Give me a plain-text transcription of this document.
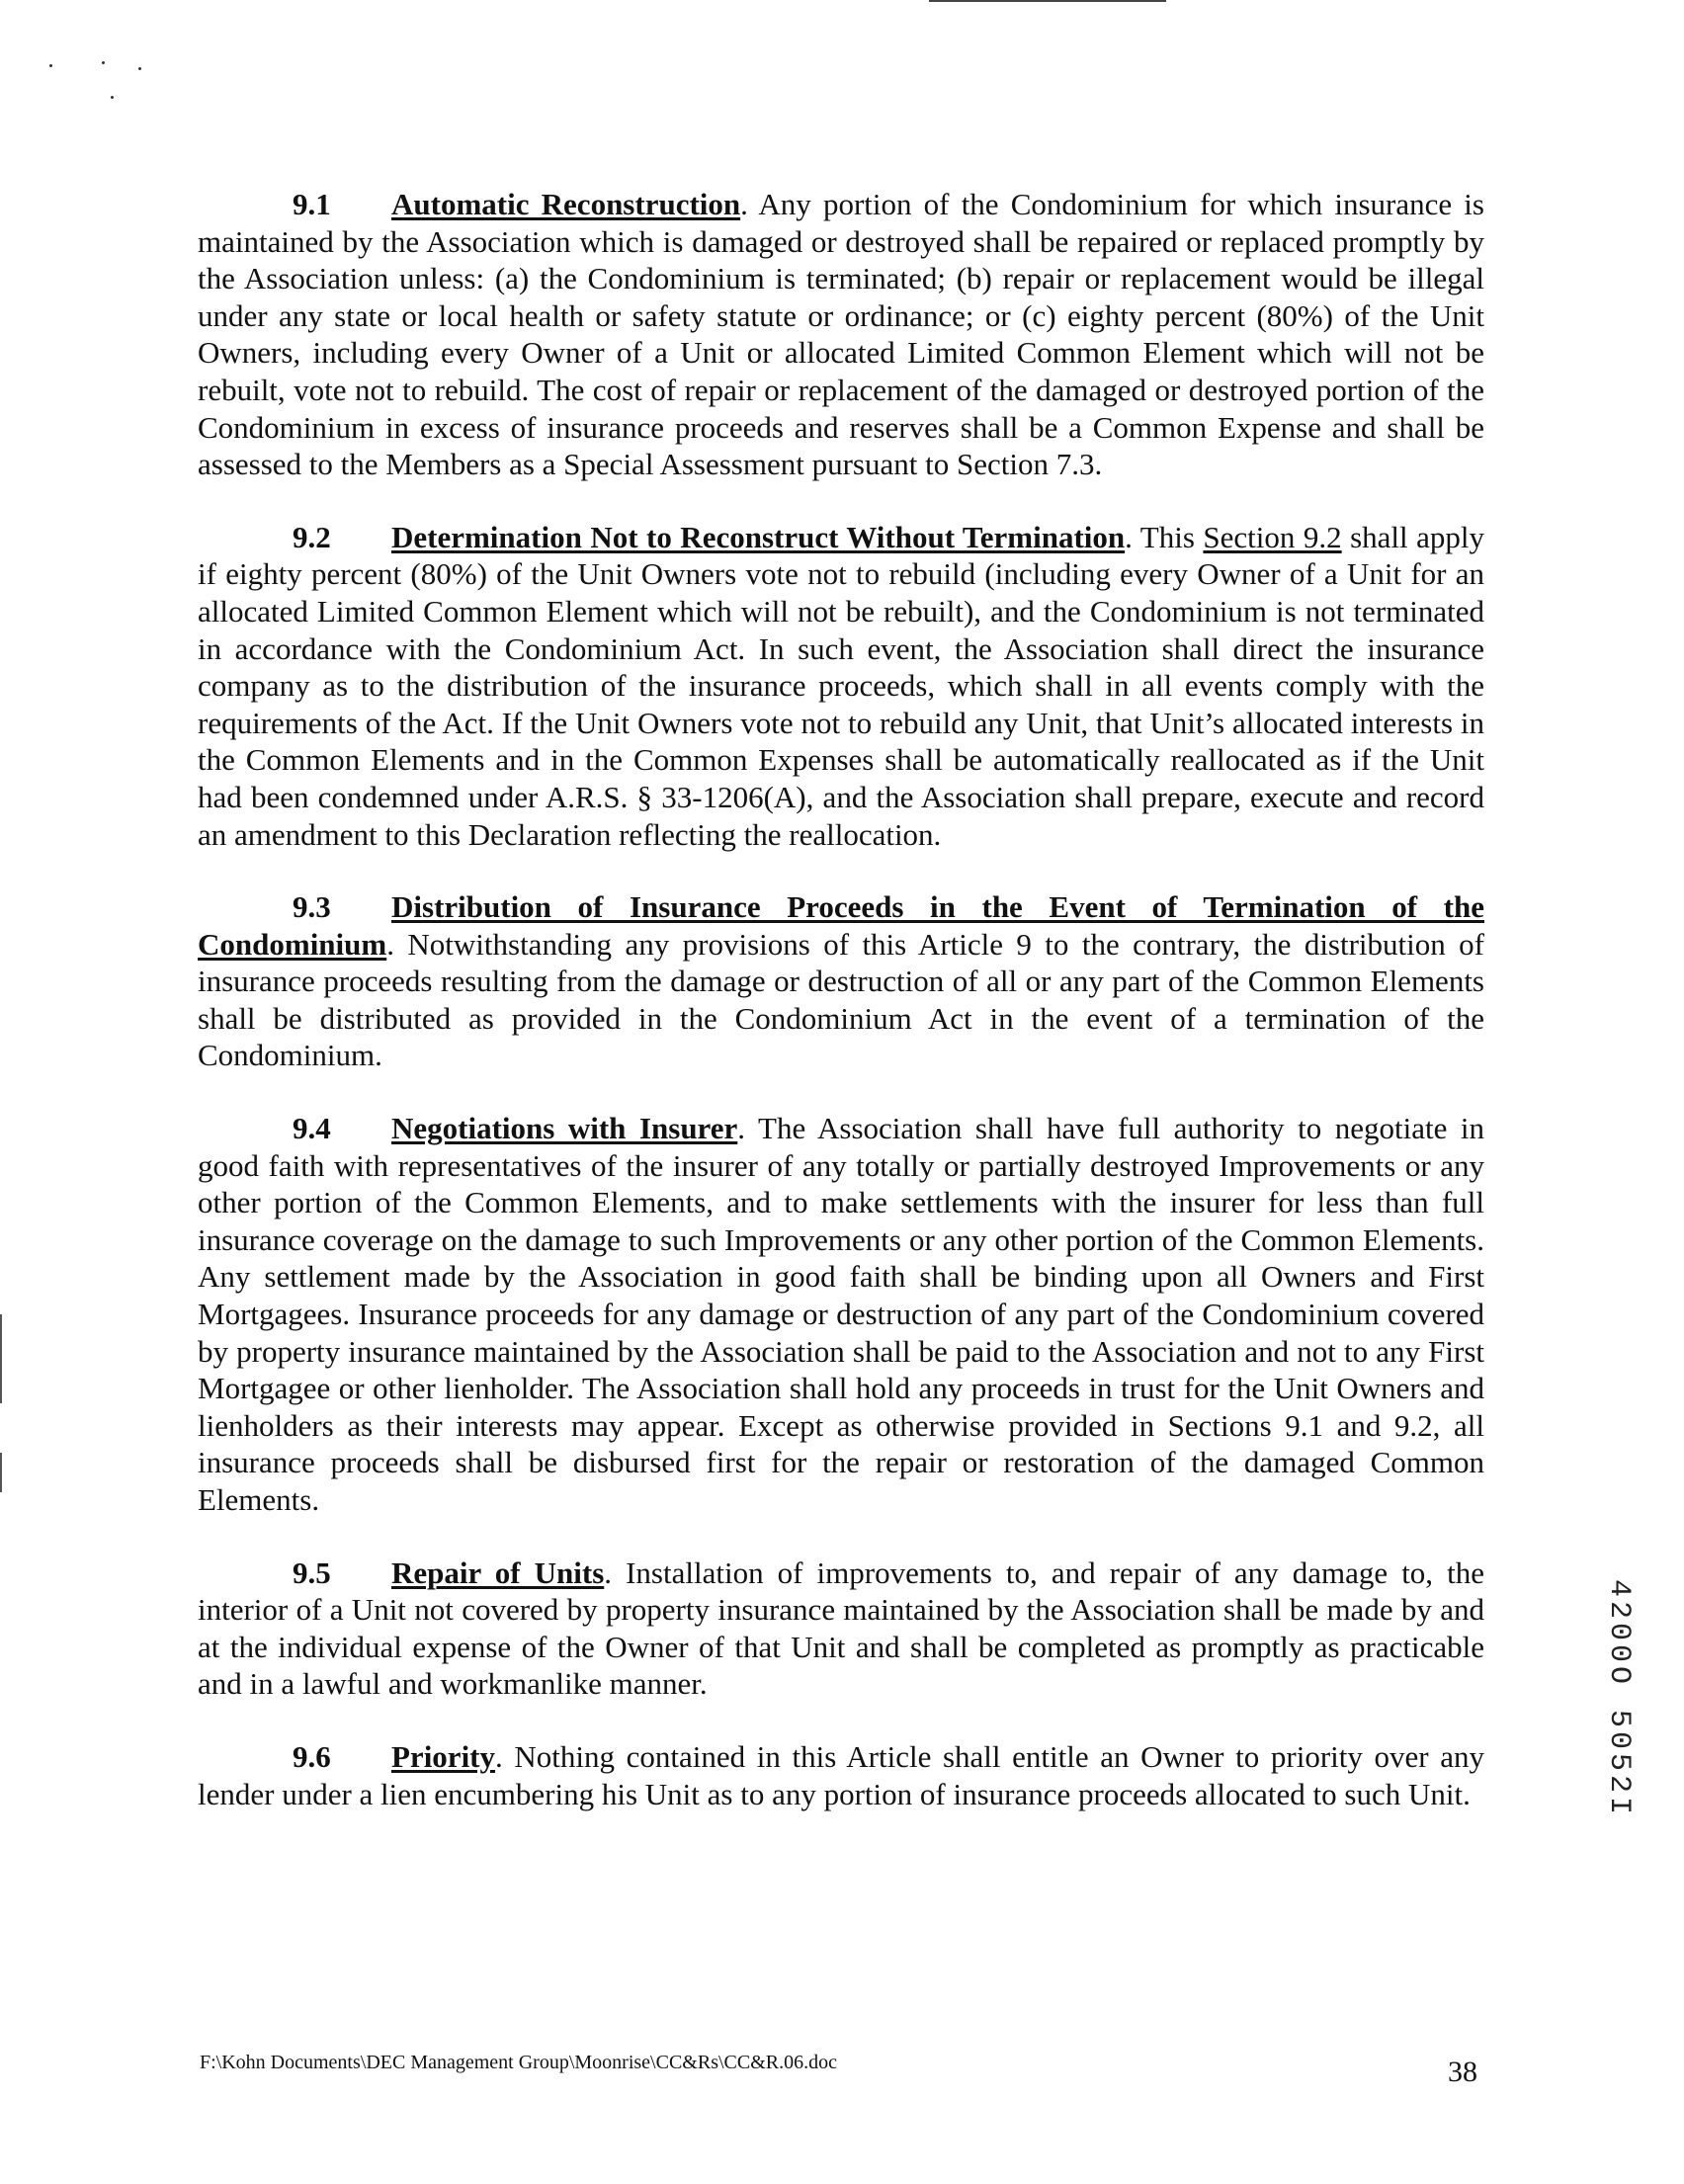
9.1 Automatic Reconstruction. Any portion of the Condominium for which insurance is maintained by the Association which is damaged or destroyed shall be repaired or replaced promptly by the Association unless: (a) the Condominium is terminated; (b) repair or replacement would be illegal under any state or local health or safety statute or ordinance; or (c) eighty percent (80%) of the Unit Owners, including every Owner of a Unit or allocated Limited Common Element which will not be rebuilt, vote not to rebuild. The cost of repair or replacement of the damaged or destroyed portion of the Condominium in excess of insurance proceeds and reserves shall be a Common Expense and shall be assessed to the Members as a Special Assessment pursuant to Section 7.3.

9.2 Determination Not to Reconstruct Without Termination. This Section 9.2 shall apply if eighty percent (80%) of the Unit Owners vote not to rebuild (including every Owner of a Unit for an allocated Limited Common Element which will not be rebuilt), and the Condominium is not terminated in accordance with the Condominium Act. In such event, the Association shall direct the insurance company as to the distribution of the insurance proceeds, which shall in all events comply with the requirements of the Act. If the Unit Owners vote not to rebuild any Unit, that Unit’s allocated interests in the Common Elements and in the Common Expenses shall be automatically reallocated as if the Unit had been condemned under A.R.S. § 33-1206(A), and the Association shall prepare, execute and record an amendment to this Declaration reflecting the reallocation.

9.3 Distribution of Insurance Proceeds in the Event of Termination of the Condominium. Notwithstanding any provisions of this Article 9 to the contrary, the distribution of insurance proceeds resulting from the damage or destruction of all or any part of the Common Elements shall be distributed as provided in the Condominium Act in the event of a termination of the Condominium.

9.4 Negotiations with Insurer. The Association shall have full authority to negotiate in good faith with representatives of the insurer of any totally or partially destroyed Improvements or any other portion of the Common Elements, and to make settlements with the insurer for less than full insurance coverage on the damage to such Improvements or any other portion of the Common Elements. Any settlement made by the Association in good faith shall be binding upon all Owners and First Mortgagees. Insurance proceeds for any damage or destruction of any part of the Condominium covered by property insurance maintained by the Association shall be paid to the Association and not to any First Mortgagee or other lienholder. The Association shall hold any proceeds in trust for the Unit Owners and lienholders as their interests may appear. Except as otherwise provided in Sections 9.1 and 9.2, all insurance proceeds shall be disbursed first for the repair or restoration of the damaged Common Elements.

9.5 Repair of Units. Installation of improvements to, and repair of any damage to, the interior of a Unit not covered by property insurance maintained by the Association shall be made by and at the individual expense of the Owner of that Unit and shall be completed as promptly as practicable and in a lawful and workmanlike manner.

9.6 Priority. Nothing contained in this Article shall entitle an Owner to priority over any lender under a lien encumbering his Unit as to any portion of insurance proceeds allocated to such Unit.	4200O 5052I
F:\Kohn Documents\DEC Management Group\Moonrise\CC&Rs\CC&R.06.doc	38
